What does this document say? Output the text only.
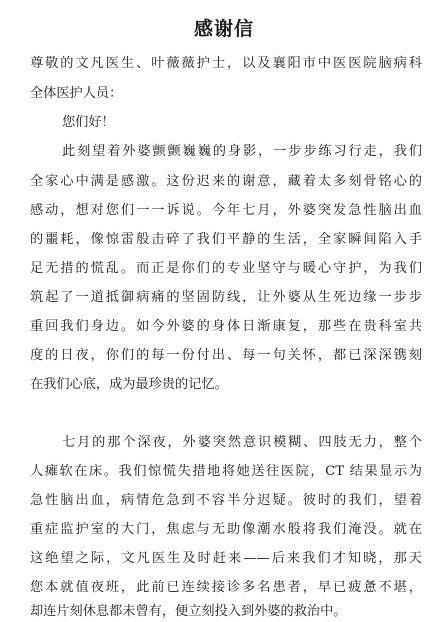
感谢信
尊敬的文凡医生、叶薇薇护士，以及襄阳市中医医院脑病科
全体医护人员：
您们好！
此刻望着外婆颤颤巍巍的身影，一步步练习行走，我们
全家心中满是感激。这份迟来的谢意，藏着太多刻骨铭心的
感动，想对您们一一诉说。今年七月，外婆突发急性脑出血
的噩耗，像惊雷般击碎了我们平静的生活，全家瞬间陷入手
足无措的慌乱。而正是你们的专业坚守与暖心守护，为我们
筑起了一道抵御病痛的坚固防线，让外婆从生死边缘一步步
重回我们身边。如今外婆的身体日渐康复，那些在贵科室共
度的日夜，你们的每一份付出、每一句关怀，都已深深镌刻
在我们心底，成为最珍贵的记忆。
七月的那个深夜，外婆突然意识模糊、四肢无力，整个
人瘫软在床。我们惊慌失措地将她送往医院，CT 结果显示为
急性脑出血，病情危急到不容半分迟疑。彼时的我们，望着
重症监护室的大门，焦虑与无助像潮水般将我们淹没。就在
这绝望之际，文凡医生及时赶来——后来我们才知晓，那天
您本就值夜班，此前已连续接诊多名患者，早已疲惫不堪，
却连片刻休息都未曾有，便立刻投入到外婆的救治中。
